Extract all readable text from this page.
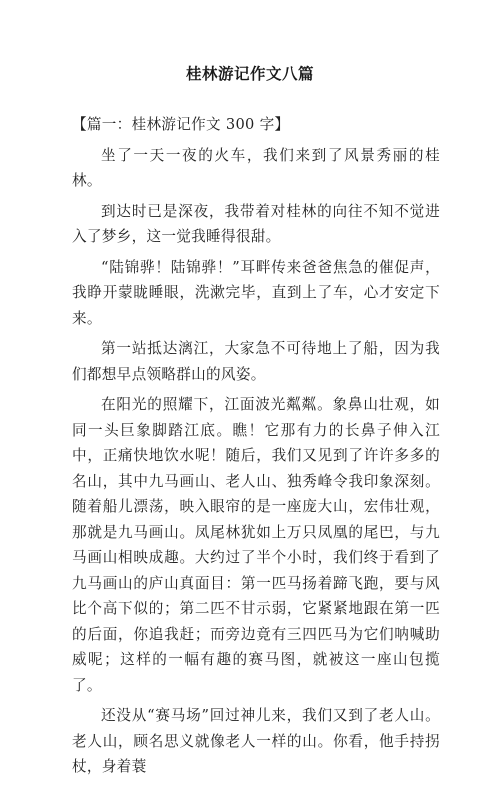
桂林游记作文八篇

【篇一：桂林游记作文 300 字】

坐了一天一夜的火车，我们来到了风景秀丽的桂林。

到达时已是深夜，我带着对桂林的向往不知不觉进入了梦乡，这一觉我睡得很甜。

“陆锦骅！陆锦骅！”耳畔传来爸爸焦急的催促声，我睁开蒙眬睡眼，洗漱完毕，直到上了车，心才安定下来。

第一站抵达漓江，大家急不可待地上了船，因为我们都想早点领略群山的风姿。

在阳光的照耀下，江面波光粼粼。象鼻山壮观，如同一头巨象脚踏江底。瞧！它那有力的长鼻子伸入江中，正痛快地饮水呢！随后，我们又见到了许许多多的名山，其中九马画山、老人山、独秀峰令我印象深刻。随着船儿漂荡，映入眼帘的是一座庞大山，宏伟壮观，那就是九马画山。凤尾林犹如上万只凤凰的尾巴，与九马画山相映成趣。大约过了半个小时，我们终于看到了九马画山的庐山真面目：第一匹马扬着蹄飞跑，要与风比个高下似的；第二匹不甘示弱，它紧紧地跟在第一匹的后面，你追我赶；而旁边竟有三四匹马为它们呐喊助威呢；这样的一幅有趣的赛马图，就被这一座山包揽了。

还没从“赛马场”回过神儿来，我们又到了老人山。老人山，顾名思义就像老人一样的山。你看，他手持拐杖，身着蓑
